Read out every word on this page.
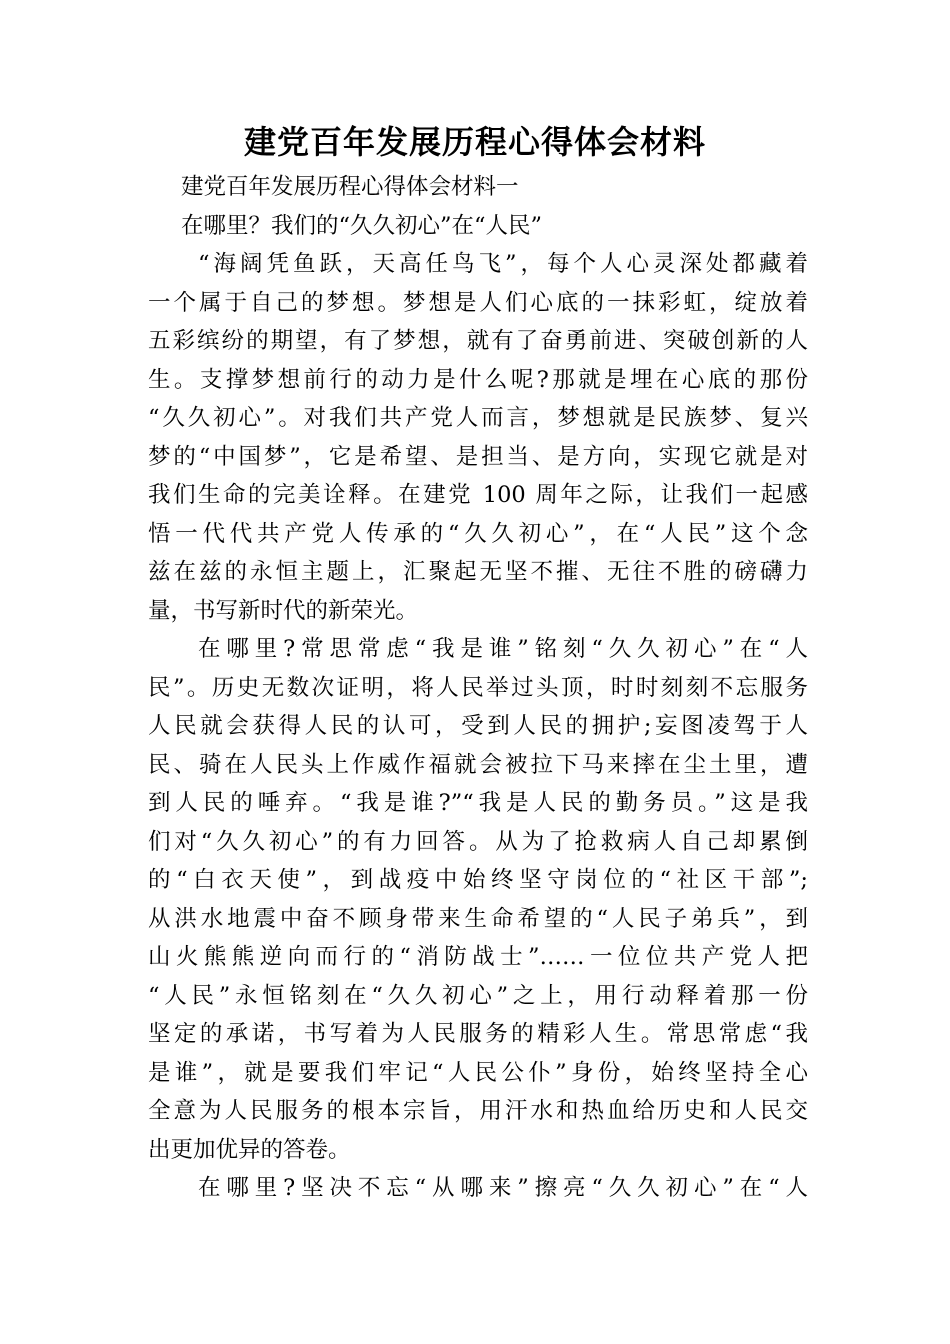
建党百年发展历程心得体会材料
建党百年发展历程心得体会材料一
在哪里？我们的“久久初心”在“人民”
“海阔凭鱼跃，天高任鸟飞”，每个人心灵深处都藏着
一个属于自己的梦想。梦想是人们心底的一抹彩虹，绽放着
五彩缤纷的期望，有了梦想，就有了奋勇前进、突破创新的人
生。支撑梦想前行的动力是什么呢?那就是埋在心底的那份
“久久初心”。对我们共产党人而言，梦想就是民族梦、复兴
梦的“中国梦”，它是希望、是担当、是方向，实现它就是对
我们生命的完美诠释。在建党 100 周年之际，让我们一起感
悟一代代共产党人传承的“久久初心”，在“人民”这个念
兹在兹的永恒主题上，汇聚起无坚不摧、无往不胜的磅礴力
量，书写新时代的新荣光。
在哪里?常思常虑“我是谁”铭刻“久久初心”在“人
民”。历史无数次证明，将人民举过头顶，时时刻刻不忘服务
人民就会获得人民的认可，受到人民的拥护;妄图凌驾于人
民、骑在人民头上作威作福就会被拉下马来摔在尘土里，遭
到人民的唾弃。“我是谁?”“我是人民的勤务员。”这是我
们对“久久初心”的有力回答。从为了抢救病人自己却累倒
的“白衣天使”，到战疫中始终坚守岗位的“社区干部”;
从洪水地震中奋不顾身带来生命希望的“人民子弟兵”，到
山火熊熊逆向而行的“消防战士”……一位位共产党人把
“人民”永恒铭刻在“久久初心”之上，用行动释着那一份
坚定的承诺，书写着为人民服务的精彩人生。常思常虑“我
是谁”，就是要我们牢记“人民公仆”身份，始终坚持全心
全意为人民服务的根本宗旨，用汗水和热血给历史和人民交
出更加优异的答卷。
在哪里?坚决不忘“从哪来”擦亮“久久初心”在“人
